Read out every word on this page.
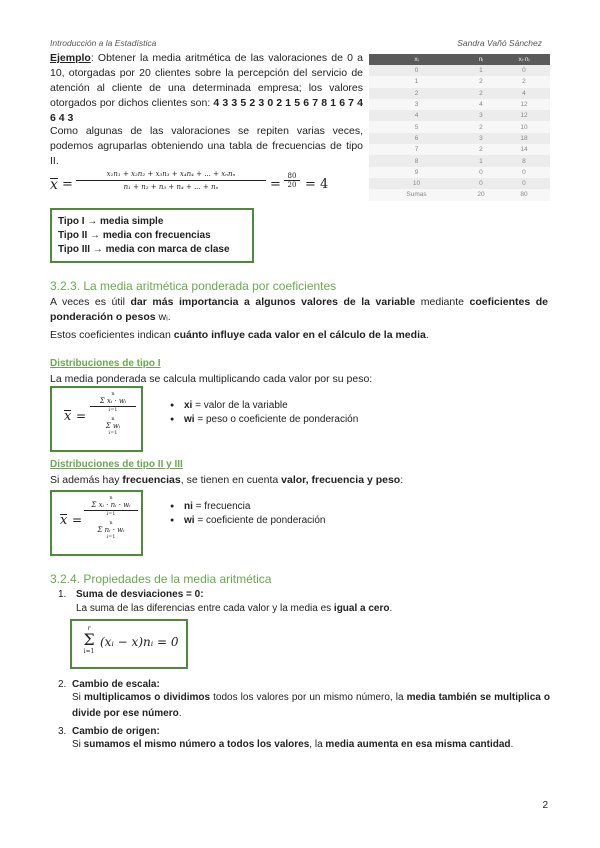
Introducción a la Estadística	Sandra Vañó Sánchez
Ejemplo: Obtener la media aritmética de las valoraciones de 0 a 10, otorgadas por 20 clientes sobre la percepción del servicio de atención al cliente de una determinada empresa; los valores otorgados por dichos clientes son: 4 3 3 5 2 3 0 2 1 5 6 7 8 1 6 7 4 6 4 3
Como algunas de las valoraciones se repiten varias veces, podemos agruparlas obteniendo una tabla de frecuencias de tipo II.
x =
x₁n₁ + x₂n₂ + x₃n₃ + x₄n₄ + ... + xₙnₙ
n₁ + n₂ + n₃ + n₄ + ... + nₙ	= $\frac{80}{20} = 4$
xᵢ	nᵢ	xᵢ·nᵢ
0	1	0
1	2	2
2	2	4
3	4	12
4	3	12
5	2	10
6	3	18
7	2	14
8	1	8
9	0	0
10	0	0
Sumas	20	80
Tipo I → media simple
Tipo II → media con frecuencias
Tipo III → media con marca de clase
3.2.3. La media aritmética ponderada por coeficientes
A veces es útil dar más importancia a algunos valores de la variable mediante coeficientes de ponderación o pesos wᵢ.
Estos coeficientes indican cuánto influye cada valor en el cálculo de la media.
Distribuciones de tipo I
La media ponderada se calcula multiplicando cada valor por su peso:
x =
n
Σ xᵢ · wᵢ
i=1
n
Σ wᵢ
i=1
● xi = valor de la variable
● wi = peso o coeficiente de ponderación
Distribuciones de tipo II y III
Si además hay frecuencias, se tienen en cuenta valor, frecuencia y peso:
x =
n
Σ xᵢ · nᵢ · wᵢ
i=1
n
Σ nᵢ · wᵢ
i=1
● ni = frecuencia
● wi = coeficiente de ponderación
3.2.4. Propiedades de la media aritmética
1. Suma de desviaciones = 0:
La suma de las diferencias entre cada valor y la media es igual a cero.
r
Σ
i=1
(xᵢ − x)nᵢ = 0
2. Cambio de escala:
Si multiplicamos o dividimos todos los valores por un mismo número, la media también se multiplica o divide por ese número.
3. Cambio de origen:
Si sumamos el mismo número a todos los valores, la media aumenta en esa misma cantidad.
2
